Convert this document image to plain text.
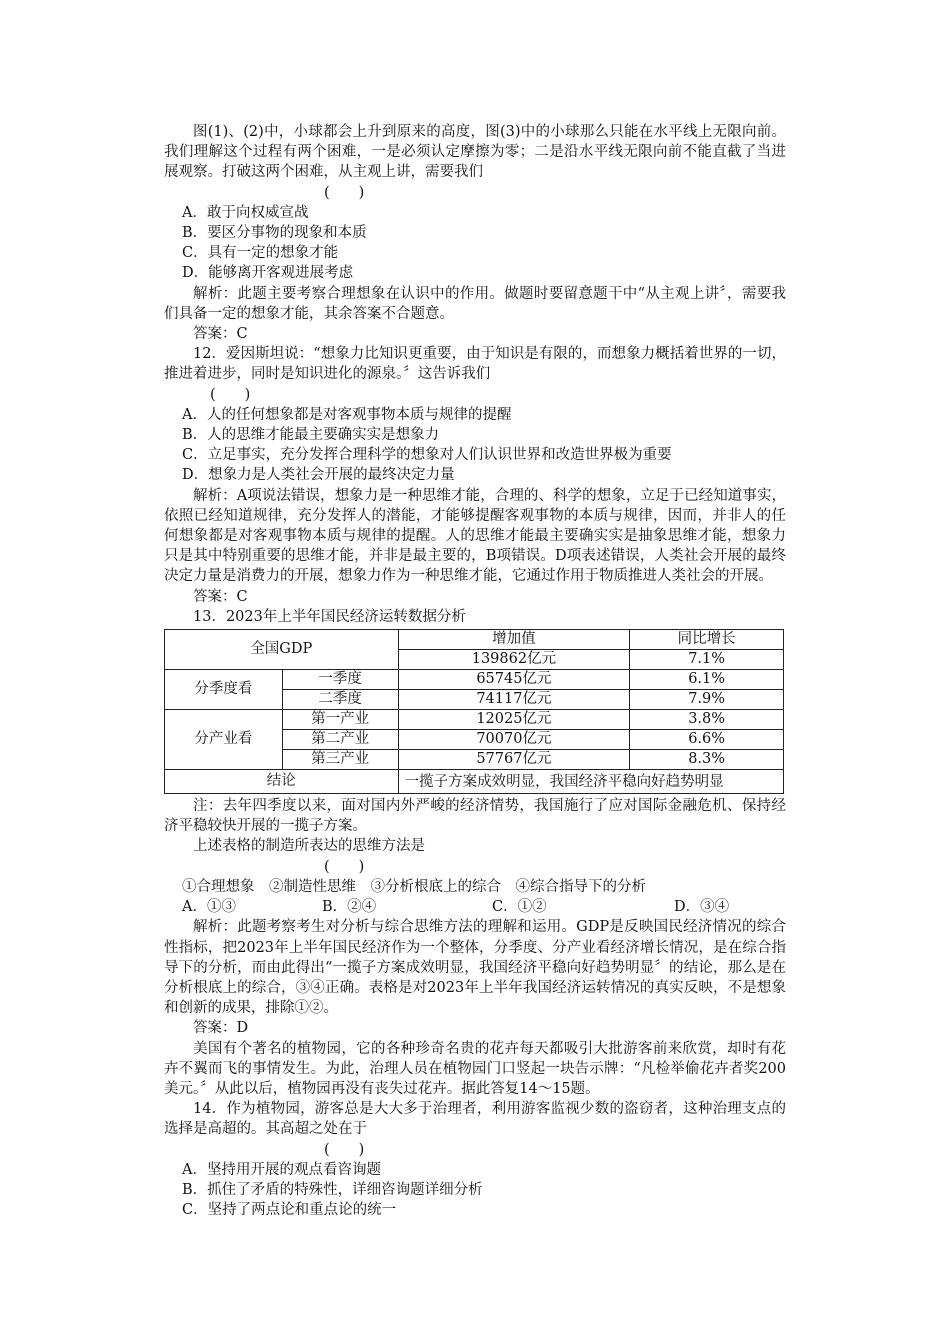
图(1)、(2)中，小球都会上升到原来的高度，图(3)中的小球那么只能在水平线上无限向前。我们理解这个过程有两个困难，一是必须认定摩擦为零；二是沿水平线无限向前不能直截了当进展观察。打破这两个困难，从主观上讲，需要我们

(　　)

A．敢于向权威宣战

B．要区分事物的现象和本质

C．具有一定的想象才能

D．能够离开客观进展考虑

解析：此题主要考察合理想象在认识中的作用。做题时要留意题干中“从主观上讲〞，需要我们具备一定的想象才能，其余答案不合题意。

答案：C

12．爱因斯坦说：“想象力比知识更重要，由于知识是有限的，而想象力概括着世界的一切，推进着进步，同时是知识进化的源泉。〞这告诉我们

(　　)

A．人的任何想象都是对客观事物本质与规律的提醒

B．人的思维才能最主要确实实是想象力

C．立足事实，充分发挥合理科学的想象对人们认识世界和改造世界极为重要

D．想象力是人类社会开展的最终决定力量

解析：A项说法错误，想象力是一种思维才能，合理的、科学的想象，立足于已经知道事实，依照已经知道规律，充分发挥人的潜能，才能够提醒客观事物的本质与规律，因而，并非人的任何想象都是对客观事物本质与规律的提醒。人的思维才能最主要确实实是抽象思维才能，想象力只是其中特别重要的思维才能，并非是最主要的，B项错误。D项表述错误，人类社会开展的最终决定力量是消费力的开展，想象力作为一种思维才能，它通过作用于物质推进人类社会的开展。

答案：C

13．2023年上半年国民经济运转数据分析

全国GDP		增加值	同比增长
		139862亿元	7.1%
分季度看	一季度	65745亿元	6.1%
	二季度	74117亿元	7.9%
分产业看	第一产业	12025亿元	3.8%
	第二产业	70070亿元	6.6%
	第三产业	57767亿元	8.3%
结论		一揽子方案成效明显，我国经济平稳向好趋势明显	

注：去年四季度以来，面对国内外严峻的经济情势，我国施行了应对国际金融危机、保持经济平稳较快开展的一揽子方案。

上述表格的制造所表达的思维方法是

(　　)

①合理想象　②制造性思维　③分析根底上的综合　④综合指导下的分析

A．①③	B．②④	C．①②	D．③④

解析：此题考察考生对分析与综合思维方法的理解和运用。GDP是反映国民经济情况的综合性指标，把2023年上半年国民经济作为一个整体，分季度、分产业看经济增长情况，是在综合指导下的分析，而由此得出“一揽子方案成效明显，我国经济平稳向好趋势明显〞的结论，那么是在分析根底上的综合，③④正确。表格是对2023年上半年我国经济运转情况的真实反映，不是想象和创新的成果，排除①②。

答案：D

美国有个著名的植物园，它的各种珍奇名贵的花卉每天都吸引大批游客前来欣赏，却时有花卉不翼而飞的事情发生。为此，治理人员在植物园门口竖起一块告示牌：“凡检举偷花卉者奖200美元。〞从此以后，植物园再没有丧失过花卉。据此答复14～15题。

14．作为植物园，游客总是大大多于治理者，利用游客监视少数的盗窃者，这种治理支点的选择是高超的。其高超之处在于

(　　)

A．坚持用开展的观点看咨询题

B．抓住了矛盾的特殊性，详细咨询题详细分析

C．坚持了两点论和重点论的统一
